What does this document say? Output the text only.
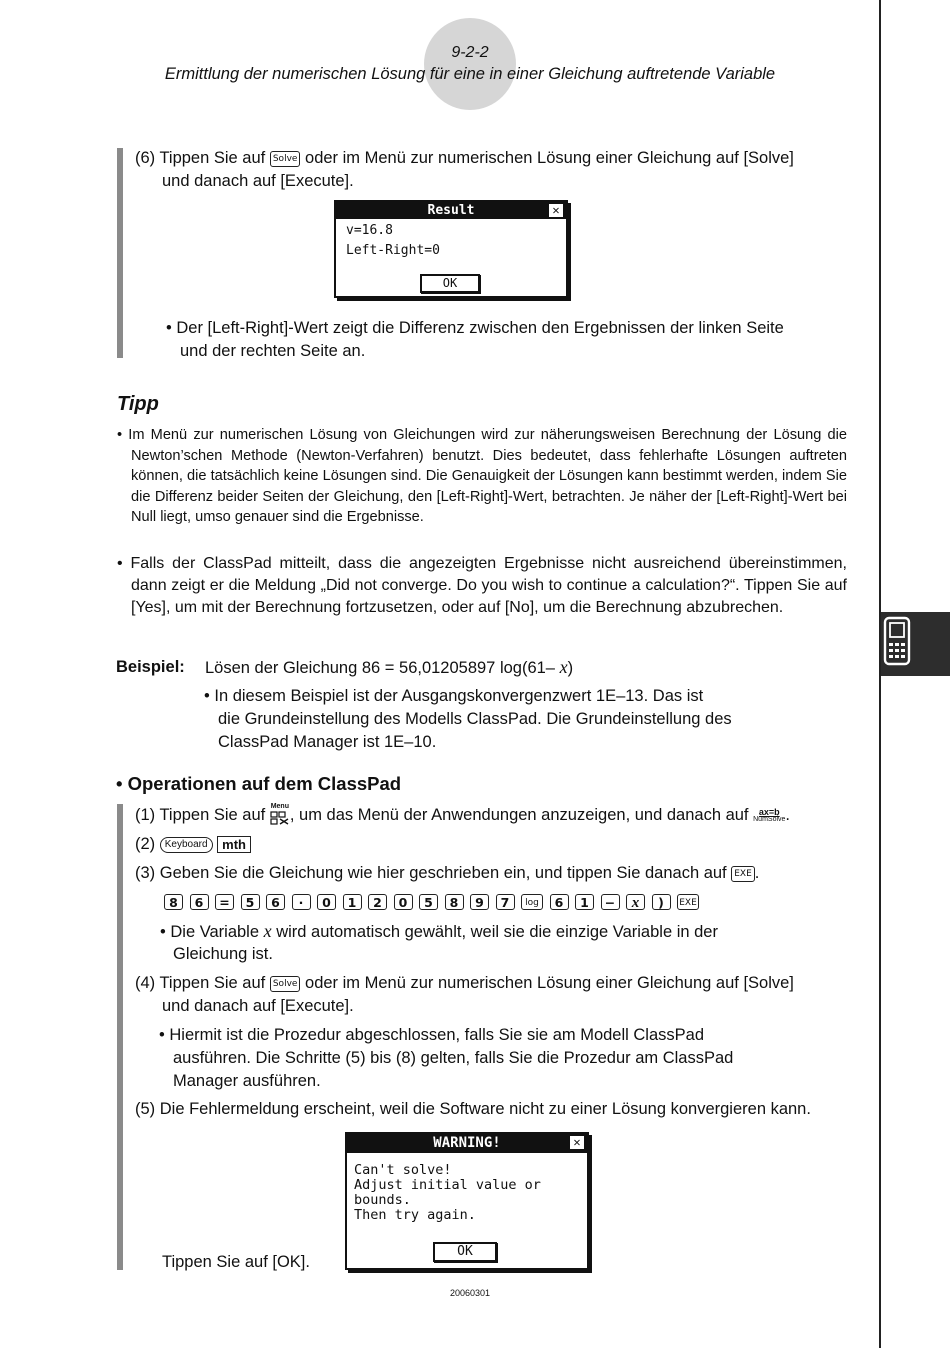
9-2-2
Ermittlung der numerischen Lösung für eine in einer Gleichung auftretende Variable
(6) Tippen Sie auf Solve oder im Menü zur numerischen Lösung einer Gleichung auf [Solve]
und danach auf [Execute].
Result	✕
v=16.8
Left-Right=0
OK
• Der [Left-Right]-Wert zeigt die Differenz zwischen den Ergebnissen der linken Seite
und der rechten Seite an.
Tipp
• Im Menü zur numerischen Lösung von Gleichungen wird zur näherungsweisen Berechnung der Lösung die Newton’schen Methode (Newton-Verfahren) benutzt. Dies bedeutet, dass fehlerhafte Lösungen auftreten können, die tatsächlich keine Lösungen sind. Die Genauigkeit der Lösungen kann bestimmt werden, indem Sie die Differenz beider Seiten der Gleichung, den [Left-Right]-Wert, betrachten. Je näher der [Left-Right]-Wert bei Null liegt, umso genauer sind die Ergebnisse.
• Falls der ClassPad mitteilt, dass die angezeigten Ergebnisse nicht ausreichend übereinstimmen, dann zeigt er die Meldung „Did not converge. Do you wish to continue a calculation?“. Tippen Sie auf [Yes], um mit der Berechnung fortzusetzen, oder auf [No], um die Berechnung abzubrechen.
Beispiel: Lösen der Gleichung 86 = 56,01205897 log(61– x)
• In diesem Beispiel ist der Ausgangskonvergenzwert 1E–13. Das ist
die Grundeinstellung des Modells ClassPad. Die Grundeinstellung des
ClassPad Manager ist 1E–10.
• Operationen auf dem ClassPad
(1) Tippen Sie auf Menu , um das Menü der Anwendungen anzuzeigen, und danach auf	ax=b
NumSolve .
(2) Keyboard mth
(3) Geben Sie die Gleichung wie hier geschrieben ein, und tippen Sie danach auf EXE .
8 6 = 5 6 · 0 1 2 0 5 8 9 7 log 6 1 − x ) EXE
• Die Variable x wird automatisch gewählt, weil sie die einzige Variable in der
Gleichung ist.
(4) Tippen Sie auf Solve oder im Menü zur numerischen Lösung einer Gleichung auf [Solve]
und danach auf [Execute].
• Hiermit ist die Prozedur abgeschlossen, falls Sie sie am Modell ClassPad
ausführen. Die Schritte (5) bis (8) gelten, falls Sie die Prozedur am ClassPad
Manager ausführen.
(5) Die Fehlermeldung erscheint, weil die Software nicht zu einer Lösung konvergieren kann.
WARNING!	✕
Can't solve!
Adjust initial value or
bounds.
Then try again.
OK
Tippen Sie auf [OK].
20060301
